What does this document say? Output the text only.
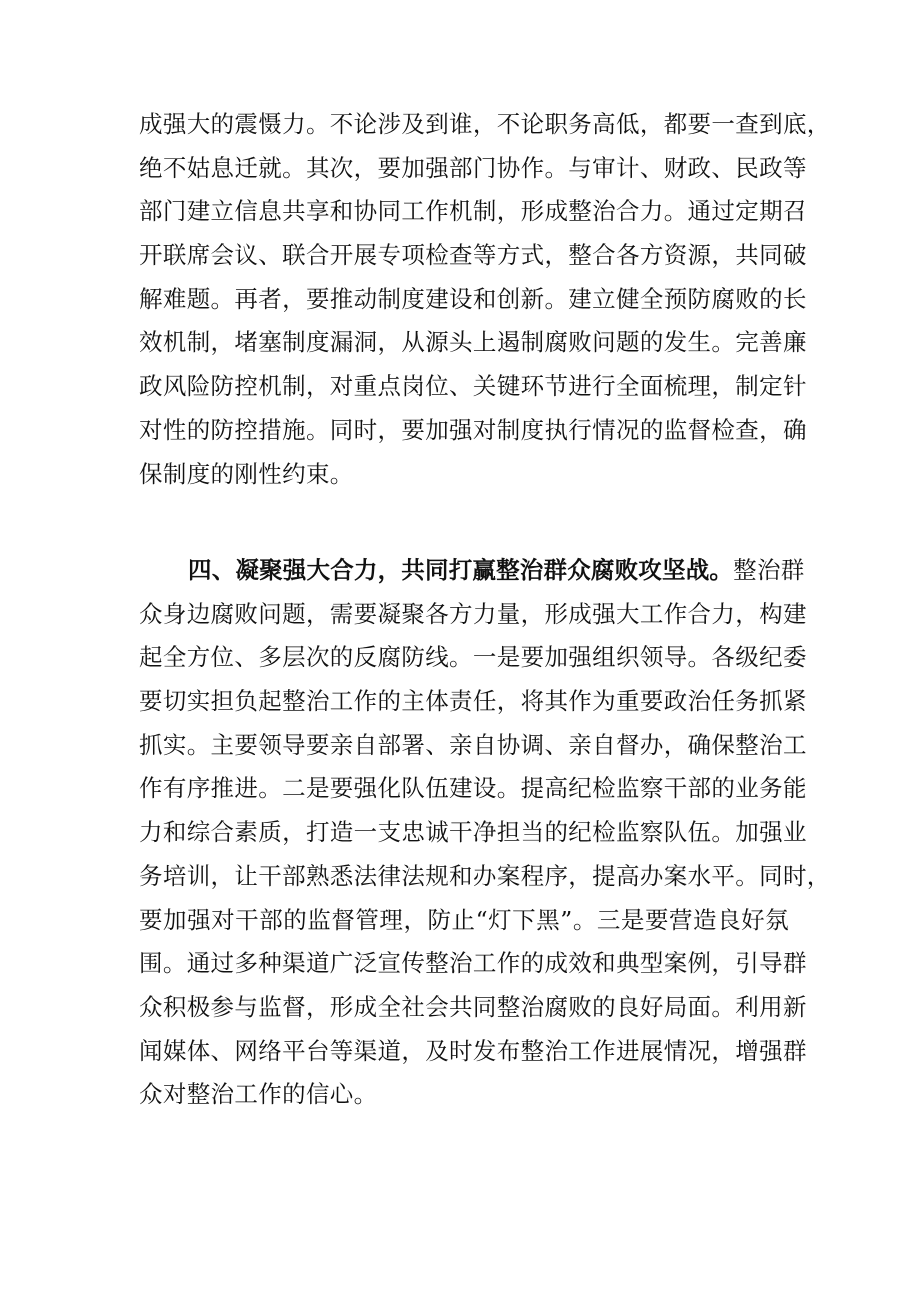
成强大的震慑力。不论涉及到谁，不论职务高低，都要一查到底，
绝不姑息迁就。其次，要加强部门协作。与审计、财政、民政等
部门建立信息共享和协同工作机制，形成整治合力。通过定期召
开联席会议、联合开展专项检查等方式，整合各方资源，共同破
解难题。再者，要推动制度建设和创新。建立健全预防腐败的长
效机制，堵塞制度漏洞，从源头上遏制腐败问题的发生。完善廉
政风险防控机制，对重点岗位、关键环节进行全面梳理，制定针
对性的防控措施。同时，要加强对制度执行情况的监督检查，确
保制度的刚性约束。
四、凝聚强大合力，共同打赢整治群众腐败攻坚战。整治群
众身边腐败问题，需要凝聚各方力量，形成强大工作合力，构建
起全方位、多层次的反腐防线。一是要加强组织领导。各级纪委
要切实担负起整治工作的主体责任，将其作为重要政治任务抓紧
抓实。主要领导要亲自部署、亲自协调、亲自督办，确保整治工
作有序推进。二是要强化队伍建设。提高纪检监察干部的业务能
力和综合素质，打造一支忠诚干净担当的纪检监察队伍。加强业
务培训，让干部熟悉法律法规和办案程序，提高办案水平。同时，
要加强对干部的监督管理，防止“灯下黑”。三是要营造良好氛
围。通过多种渠道广泛宣传整治工作的成效和典型案例，引导群
众积极参与监督，形成全社会共同整治腐败的良好局面。利用新
闻媒体、网络平台等渠道，及时发布整治工作进展情况，增强群
众对整治工作的信心。
